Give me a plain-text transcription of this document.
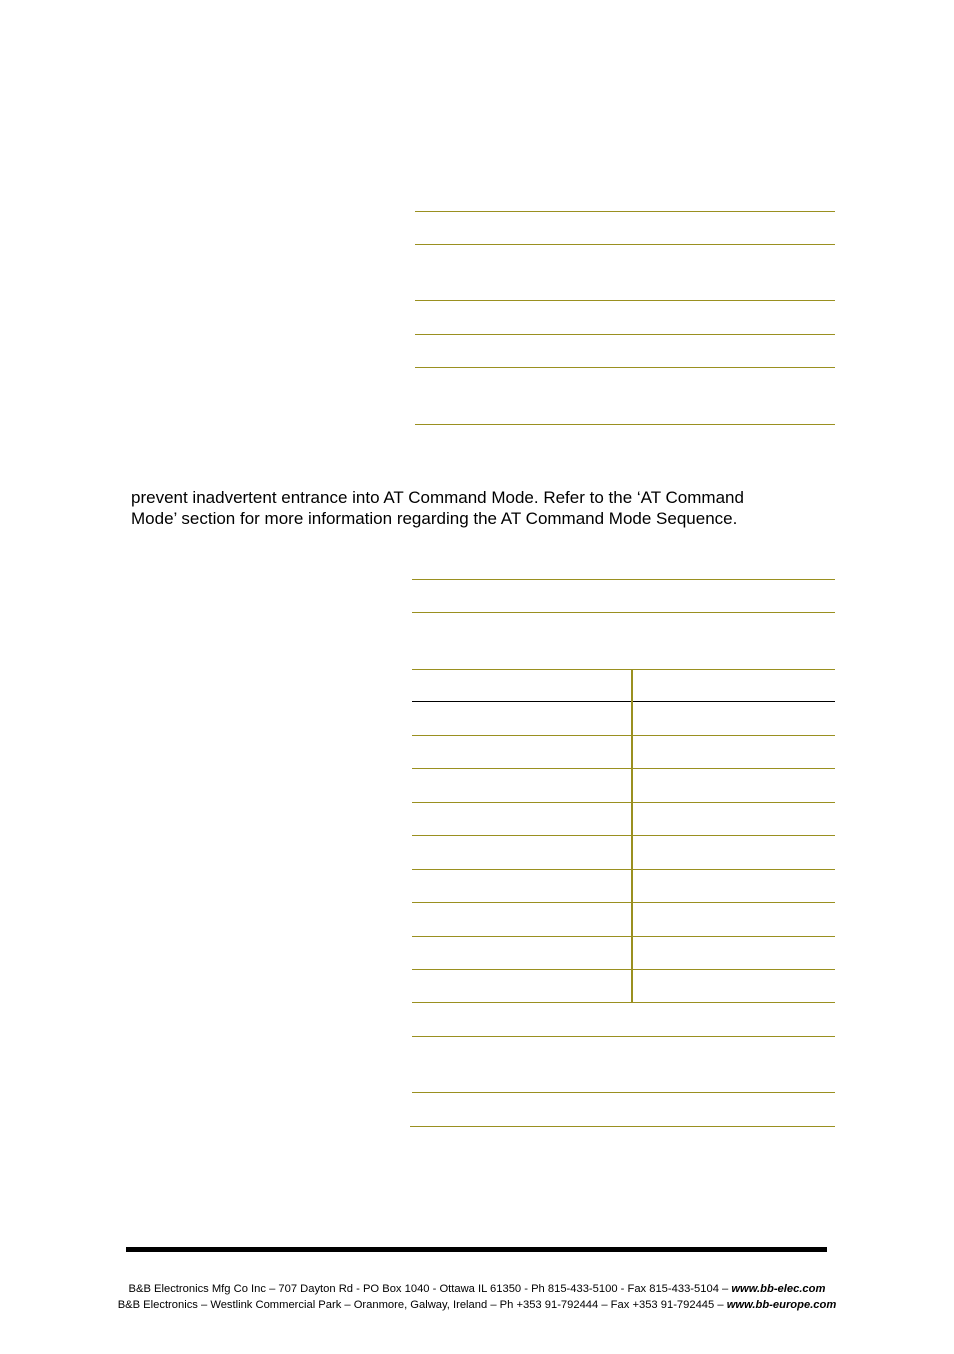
prevent inadvertent entrance into AT Command Mode. Refer to the ‘AT Command
Mode’ section for more information regarding the AT Command Mode Sequence.

B&B Electronics Mfg Co Inc – 707 Dayton Rd - PO Box 1040 - Ottawa IL 61350 - Ph 815-433-5100 - Fax 815-433-5104 – www.bb-elec.com
B&B Electronics – Westlink Commercial Park – Oranmore, Galway, Ireland – Ph +353 91-792444 – Fax +353 91-792445 – www.bb-europe.com
